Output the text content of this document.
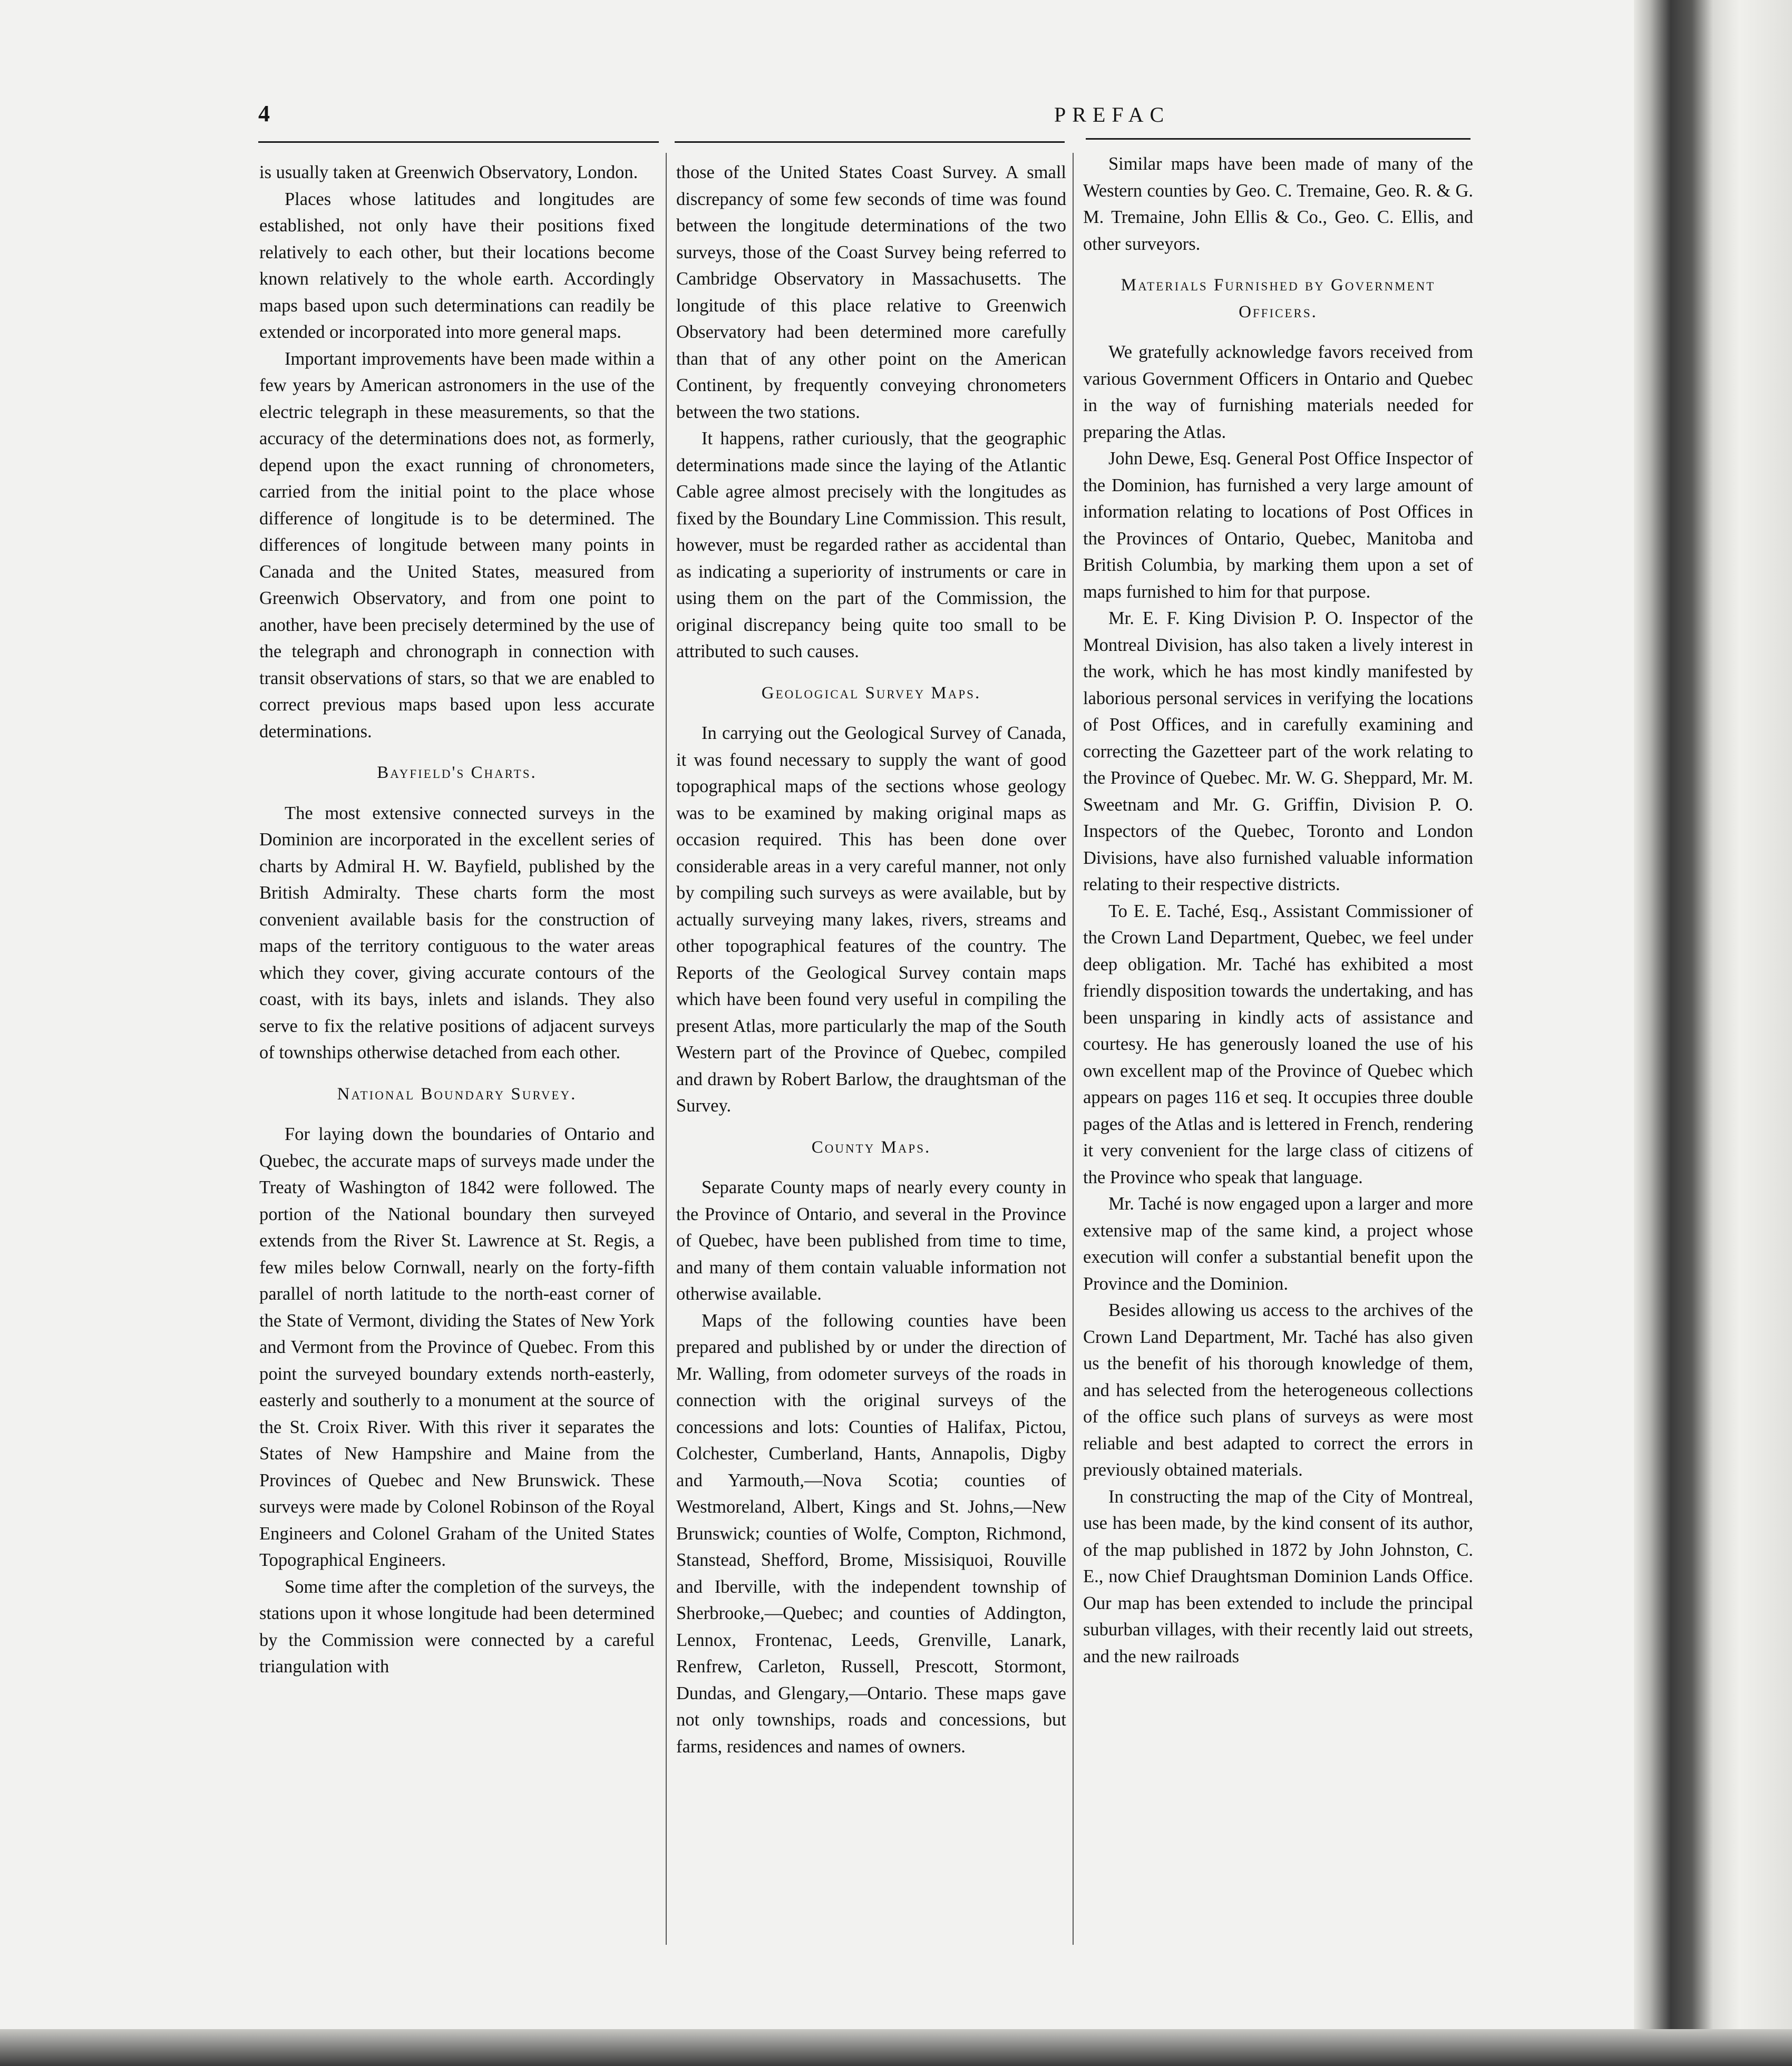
4	PREFAC

is usually taken at Greenwich Observatory, London.

Places whose latitudes and longitudes are established, not only have their positions fixed relatively to each other, but their locations become known relatively to the whole earth. Accordingly maps based upon such determinations can readily be extended or incorporated into more general maps.

Important improvements have been made within a few years by American astronomers in the use of the electric telegraph in these measurements, so that the accuracy of the determinations does not, as formerly, depend upon the exact running of chronometers, carried from the initial point to the place whose difference of longitude is to be determined. The differences of longitude between many points in Canada and the United States, measured from Greenwich Observatory, and from one point to another, have been precisely determined by the use of the telegraph and chronograph in connection with transit observations of stars, so that we are enabled to correct previous maps based upon less accurate determinations.

Bayfield's Charts.

The most extensive connected surveys in the Dominion are incorporated in the excellent series of charts by Admiral H. W. Bayfield, published by the British Admiralty. These charts form the most convenient available basis for the construction of maps of the territory contiguous to the water areas which they cover, giving accurate contours of the coast, with its bays, inlets and islands. They also serve to fix the relative positions of adjacent surveys of townships otherwise detached from each other.

National Boundary Survey.

For laying down the boundaries of Ontario and Quebec, the accurate maps of surveys made under the Treaty of Washington of 1842 were followed. The portion of the National boundary then surveyed extends from the River St. Lawrence at St. Regis, a few miles below Cornwall, nearly on the forty-fifth parallel of north latitude to the north-east corner of the State of Vermont, dividing the States of New York and Vermont from the Province of Quebec. From this point the surveyed boundary extends north-easterly, easterly and southerly to a monument at the source of the St. Croix River. With this river it separates the States of New Hampshire and Maine from the Provinces of Quebec and New Brunswick. These surveys were made by Colonel Robinson of the Royal Engineers and Colonel Graham of the United States Topographical Engineers.

Some time after the completion of the surveys, the stations upon it whose longitude had been determined by the Commission were connected by a careful triangulation with

those of the United States Coast Survey. A small discrepancy of some few seconds of time was found between the longitude determinations of the two surveys, those of the Coast Survey being referred to Cambridge Observatory in Massachusetts. The longitude of this place relative to Greenwich Observatory had been determined more carefully than that of any other point on the American Continent, by frequently conveying chronometers between the two stations.

It happens, rather curiously, that the geographic determinations made since the laying of the Atlantic Cable agree almost precisely with the longitudes as fixed by the Boundary Line Commission. This result, however, must be regarded rather as accidental than as indicating a superiority of instruments or care in using them on the part of the Commission, the original discrepancy being quite too small to be attributed to such causes.

Geological Survey Maps.

In carrying out the Geological Survey of Canada, it was found necessary to supply the want of good topographical maps of the sections whose geology was to be examined by making original maps as occasion required. This has been done over considerable areas in a very careful manner, not only by compiling such surveys as were available, but by actually surveying many lakes, rivers, streams and other topographical features of the country. The Reports of the Geological Survey contain maps which have been found very useful in compiling the present Atlas, more particularly the map of the South Western part of the Province of Quebec, compiled and drawn by Robert Barlow, the draughtsman of the Survey.

County Maps.

Separate County maps of nearly every county in the Province of Ontario, and several in the Province of Quebec, have been published from time to time, and many of them contain valuable information not otherwise available.

Maps of the following counties have been prepared and published by or under the direction of Mr. Walling, from odometer surveys of the roads in connection with the original surveys of the concessions and lots: Counties of Halifax, Pictou, Colchester, Cumberland, Hants, Annapolis, Digby and Yarmouth,—Nova Scotia; counties of Westmoreland, Albert, Kings and St. Johns,—New Brunswick; counties of Wolfe, Compton, Richmond, Stanstead, Shefford, Brome, Missisiquoi, Rouville and Iberville, with the independent township of Sherbrooke,—Quebec; and counties of Addington, Lennox, Frontenac, Leeds, Grenville, Lanark, Renfrew, Carleton, Russell, Prescott, Stormont, Dundas, and Glengary,—Ontario. These maps gave not only townships, roads and concessions, but farms, residences and names of owners.

Similar maps have been made of many of the Western counties by Geo. C. Tremaine, Geo. R. & G. M. Tremaine, John Ellis & Co., Geo. C. Ellis, and other surveyors.

Materials Furnished by Government Officers.

We gratefully acknowledge favors received from various Government Officers in Ontario and Quebec in the way of furnishing materials needed for preparing the Atlas.

John Dewe, Esq. General Post Office Inspector of the Dominion, has furnished a very large amount of information relating to locations of Post Offices in the Provinces of Ontario, Quebec, Manitoba and British Columbia, by marking them upon a set of maps furnished to him for that purpose.

Mr. E. F. King Division P. O. Inspector of the Montreal Division, has also taken a lively interest in the work, which he has most kindly manifested by laborious personal services in verifying the locations of Post Offices, and in carefully examining and correcting the Gazetteer part of the work relating to the Province of Quebec. Mr. W. G. Sheppard, Mr. M. Sweetnam and Mr. G. Griffin, Division P. O. Inspectors of the Quebec, Toronto and London Divisions, have also furnished valuable information relating to their respective districts.

To E. E. Taché, Esq., Assistant Commissioner of the Crown Land Department, Quebec, we feel under deep obligation. Mr. Taché has exhibited a most friendly disposition towards the undertaking, and has been unsparing in kindly acts of assistance and courtesy. He has generously loaned the use of his own excellent map of the Province of Quebec which appears on pages 116 et seq. It occupies three double pages of the Atlas and is lettered in French, rendering it very convenient for the large class of citizens of the Province who speak that language.

Mr. Taché is now engaged upon a larger and more extensive map of the same kind, a project whose execution will confer a substantial benefit upon the Province and the Dominion.

Besides allowing us access to the archives of the Crown Land Department, Mr. Taché has also given us the benefit of his thorough knowledge of them, and has selected from the heterogeneous collections of the office such plans of surveys as were most reliable and best adapted to correct the errors in previously obtained materials.

In constructing the map of the City of Montreal, use has been made, by the kind consent of its author, of the map published in 1872 by John Johnston, C. E., now Chief Draughtsman Dominion Lands Office. Our map has been extended to include the principal suburban villages, with their recently laid out streets, and the new railroads
